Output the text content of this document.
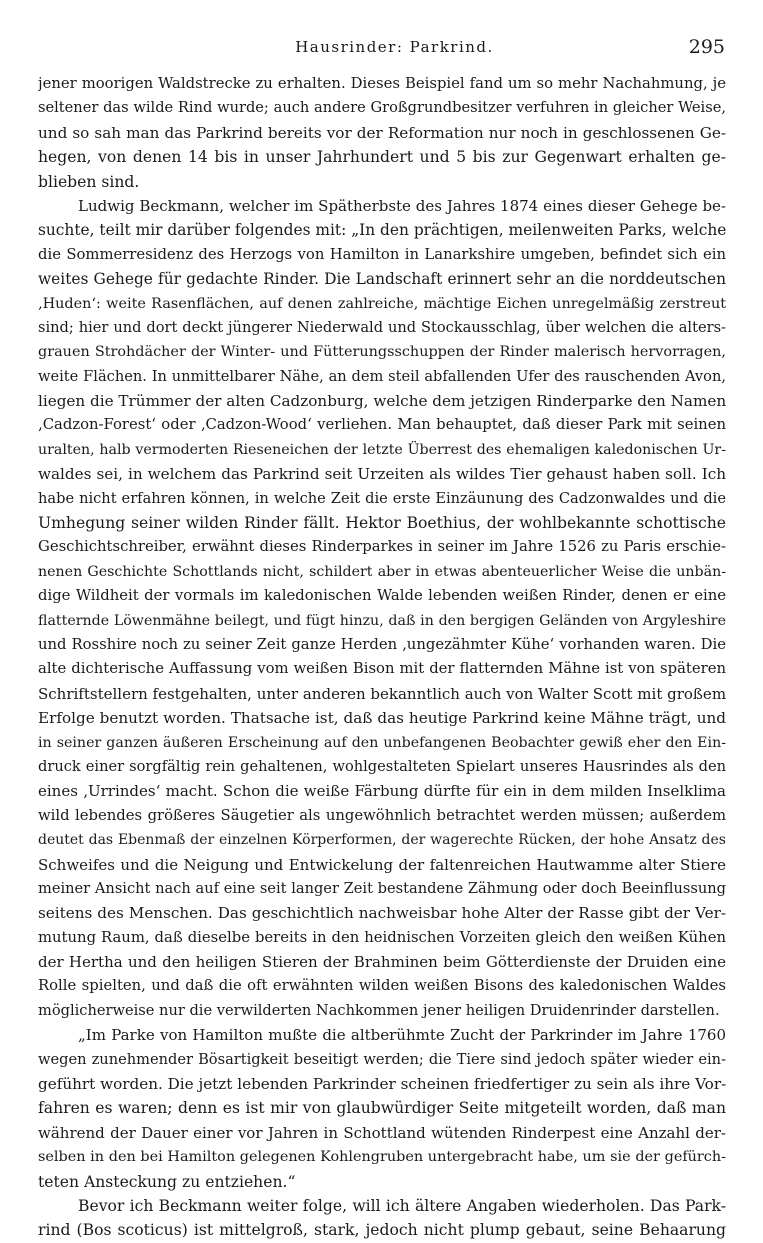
Hausrinder: Parkrind.	295
jener moorigen Waldstrecke zu erhalten. Dieses Beispiel fand um so mehr Nachahmung, je
seltener das wilde Rind wurde; auch andere Großgrundbesitzer verfuhren in gleicher Weise,
und so sah man das Parkrind bereits vor der Reformation nur noch in geschlossenen Ge-
hegen, von denen 14 bis in unser Jahrhundert und 5 bis zur Gegenwart erhalten ge-
blieben sind.
Ludwig Beckmann, welcher im Spätherbste des Jahres 1874 eines dieser Gehege be-
suchte, teilt mir darüber folgendes mit: „In den prächtigen, meilenweiten Parks, welche
die Sommerresidenz des Herzogs von Hamilton in Lanarkshire umgeben, befindet sich ein
weites Gehege für gedachte Rinder. Die Landschaft erinnert sehr an die norddeutschen
‚Huden‘: weite Rasenflächen, auf denen zahlreiche, mächtige Eichen unregelmäßig zerstreut
sind; hier und dort deckt jüngerer Niederwald und Stockausschlag, über welchen die alters-
grauen Strohdächer der Winter- und Fütterungsschuppen der Rinder malerisch hervorragen,
weite Flächen. In unmittelbarer Nähe, an dem steil abfallenden Ufer des rauschenden Avon,
liegen die Trümmer der alten Cadzonburg, welche dem jetzigen Rinderparke den Namen
‚Cadzon-Forest‘ oder ‚Cadzon-Wood‘ verliehen. Man behauptet, daß dieser Park mit seinen
uralten, halb vermoderten Rieseneichen der letzte Überrest des ehemaligen kaledonischen Ur-
waldes sei, in welchem das Parkrind seit Urzeiten als wildes Tier gehaust haben soll. Ich
habe nicht erfahren können, in welche Zeit die erste Einzäunung des Cadzonwaldes und die
Umhegung seiner wilden Rinder fällt. Hektor Boethius, der wohlbekannte schottische
Geschichtschreiber, erwähnt dieses Rinderparkes in seiner im Jahre 1526 zu Paris erschie-
nenen Geschichte Schottlands nicht, schildert aber in etwas abenteuerlicher Weise die unbän-
dige Wildheit der vormals im kaledonischen Walde lebenden weißen Rinder, denen er eine
flatternde Löwenmähne beilegt, und fügt hinzu, daß in den bergigen Geländen von Argyleshire
und Rosshire noch zu seiner Zeit ganze Herden ‚ungezähmter Kühe‘ vorhanden waren. Die
alte dichterische Auffassung vom weißen Bison mit der flatternden Mähne ist von späteren
Schriftstellern festgehalten, unter anderen bekanntlich auch von Walter Scott mit großem
Erfolge benutzt worden. Thatsache ist, daß das heutige Parkrind keine Mähne trägt, und
in seiner ganzen äußeren Erscheinung auf den unbefangenen Beobachter gewiß eher den Ein-
druck einer sorgfältig rein gehaltenen, wohlgestalteten Spielart unseres Hausrindes als den
eines ‚Urrindes‘ macht. Schon die weiße Färbung dürfte für ein in dem milden Inselklima
wild lebendes größeres Säugetier als ungewöhnlich betrachtet werden müssen; außerdem
deutet das Ebenmaß der einzelnen Körperformen, der wagerechte Rücken, der hohe Ansatz des
Schweifes und die Neigung und Entwickelung der faltenreichen Hautwamme alter Stiere
meiner Ansicht nach auf eine seit langer Zeit bestandene Zähmung oder doch Beeinflussung
seitens des Menschen. Das geschichtlich nachweisbar hohe Alter der Rasse gibt der Ver-
mutung Raum, daß dieselbe bereits in den heidnischen Vorzeiten gleich den weißen Kühen
der Hertha und den heiligen Stieren der Brahminen beim Götterdienste der Druiden eine
Rolle spielten, und daß die oft erwähnten wilden weißen Bisons des kaledonischen Waldes
möglicherweise nur die verwilderten Nachkommen jener heiligen Druidenrinder darstellen.
„Im Parke von Hamilton mußte die altberühmte Zucht der Parkrinder im Jahre 1760
wegen zunehmender Bösartigkeit beseitigt werden; die Tiere sind jedoch später wieder ein-
geführt worden. Die jetzt lebenden Parkrinder scheinen friedfertiger zu sein als ihre Vor-
fahren es waren; denn es ist mir von glaubwürdiger Seite mitgeteilt worden, daß man
während der Dauer einer vor Jahren in Schottland wütenden Rinderpest eine Anzahl der-
selben in den bei Hamilton gelegenen Kohlengruben untergebracht habe, um sie der gefürch-
teten Ansteckung zu entziehen.“
Bevor ich Beckmann weiter folge, will ich ältere Angaben wiederholen. Das Park-
rind (Bos scoticus) ist mittelgroß, stark, jedoch nicht plump gebaut, seine Behaarung
